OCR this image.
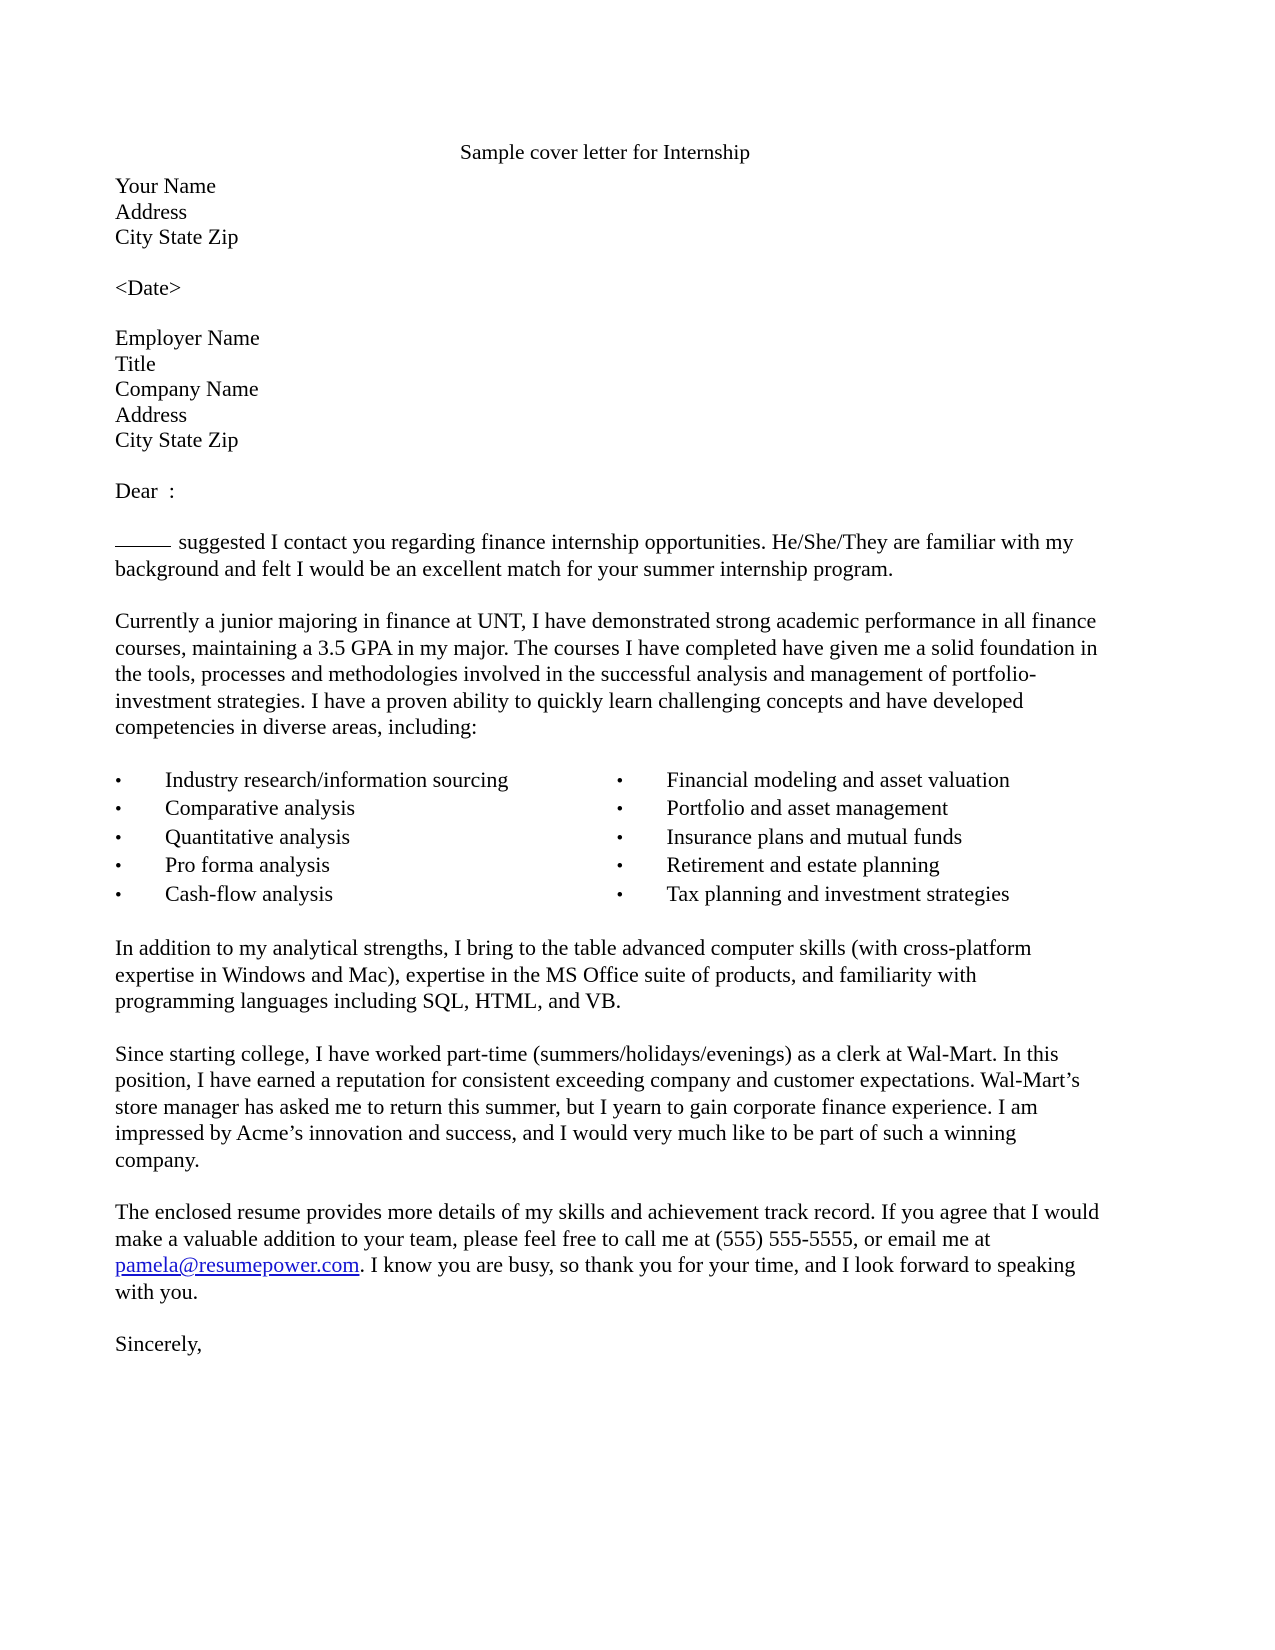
Sample cover letter for Internship
Your Name
Address
City State Zip
<Date>
Employer Name
Title
Company Name
Address
City State Zip
Dear  :

suggested I contact you regarding finance internship opportunities. He/She/They are familiar with my background and felt I would be an excellent match for your summer internship program.

Currently a junior majoring in finance at UNT, I have demonstrated strong academic performance in all finance courses, maintaining a 3.5 GPA in my major. The courses I have completed have given me a solid foundation in the tools, processes and methodologies involved in the successful analysis and management of portfolio-investment strategies. I have a proven ability to quickly learn challenging concepts and have developed competencies in diverse areas, including:

•	Industry research/information sourcing
•	Comparative analysis
•	Quantitative analysis
•	Pro forma analysis
•	Cash-flow analysis
•	Financial modeling and asset valuation
•	Portfolio and asset management
•	Insurance plans and mutual funds
•	Retirement and estate planning
•	Tax planning and investment strategies

In addition to my analytical strengths, I bring to the table advanced computer skills (with cross-platform expertise in Windows and Mac), expertise in the MS Office suite of products, and familiarity with programming languages including SQL, HTML, and VB.

Since starting college, I have worked part-time (summers/holidays/evenings) as a clerk at Wal-Mart. In this position, I have earned a reputation for consistent exceeding company and customer expectations. Wal-Mart’s store manager has asked me to return this summer, but I yearn to gain corporate finance experience. I am impressed by Acme’s innovation and success, and I would very much like to be part of such a winning company.

The enclosed resume provides more details of my skills and achievement track record. If you agree that I would make a valuable addition to your team, please feel free to call me at (555) 555-5555, or email me at pamela@resumepower.com. I know you are busy, so thank you for your time, and I look forward to speaking with you.

Sincerely,
